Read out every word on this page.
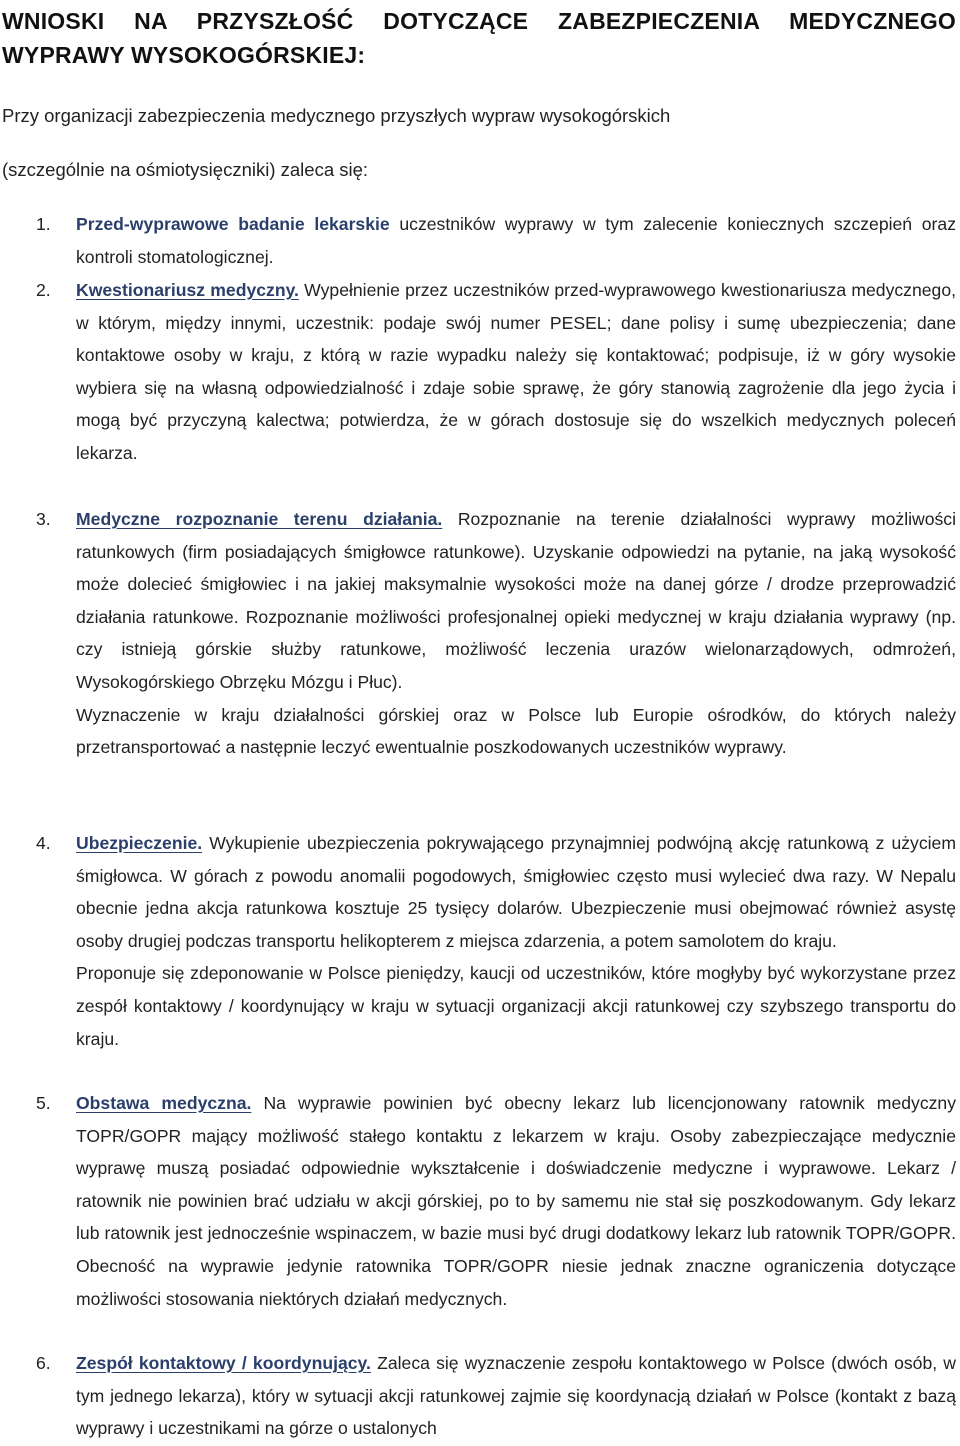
WNIOSKI NA PRZYSZŁOŚĆ DOTYCZĄCE ZABEZPIECZENIA MEDYCZNEGO WYPRAWY WYSOKOGÓRSKIEJ:
Przy organizacji zabezpieczenia medycznego przyszłych wypraw wysokogórskich
(szczególnie na ośmiotysięczniki) zaleca się:
1.	Przed-wyprawowe badanie lekarskie uczestników wyprawy w tym zalecenie koniecznych szczepień oraz kontroli stomatologicznej.

2.	Kwestionariusz medyczny. Wypełnienie przez uczestników przed-wyprawowego kwestionariusza medycznego, w którym, między innymi, uczestnik: podaje swój numer PESEL; dane polisy i sumę ubezpieczenia; dane kontaktowe osoby w kraju, z którą w razie wypadku należy się kontaktować; podpisuje, iż w góry wysokie wybiera się na własną odpowiedzialność i zdaje sobie sprawę, że góry stanowią zagrożenie dla jego życia i mogą być przyczyną kalectwa; potwierdza, że w górach dostosuje się do wszelkich medycznych poleceń lekarza.

3.	Medyczne rozpoznanie terenu działania. Rozpoznanie na terenie działalności wyprawy możliwości ratunkowych (firm posiadających śmigłowce ratunkowe). Uzyskanie odpowiedzi na pytanie, na jaką wysokość może dolecieć śmigłowiec i na jakiej maksymalnie wysokości może na danej górze / drodze przeprowadzić działania ratunkowe. Rozpoznanie możliwości profesjonalnej opieki medycznej w kraju działania wyprawy (np. czy istnieją górskie służby ratunkowe, możliwość leczenia urazów wielonarządowych, odmrożeń, Wysokogórskiego Obrzęku Mózgu i Płuc).

Wyznaczenie w kraju działalności górskiej oraz w Polsce lub Europie ośrodków, do których należy przetransportować a następnie leczyć ewentualnie poszkodowanych uczestników wyprawy.

4.	Ubezpieczenie. Wykupienie ubezpieczenia pokrywającego przynajmniej podwójną akcję ratunkową z użyciem śmigłowca. W górach z powodu anomalii pogodowych, śmigłowiec często musi wylecieć dwa razy. W Nepalu obecnie jedna akcja ratunkowa kosztuje 25 tysięcy dolarów. Ubezpieczenie musi obejmować również asystę osoby drugiej podczas transportu helikopterem z miejsca zdarzenia, a potem samolotem do kraju.

Proponuje się zdeponowanie w Polsce pieniędzy, kaucji od uczestników, które mogłyby być wykorzystane przez zespół kontaktowy / koordynujący w kraju w sytuacji organizacji akcji ratunkowej czy szybszego transportu do kraju.

5.	Obstawa medyczna. Na wyprawie powinien być obecny lekarz lub licencjonowany ratownik medyczny TOPR/GOPR mający możliwość stałego kontaktu z lekarzem w kraju. Osoby zabezpieczające medycznie wyprawę muszą posiadać odpowiednie wykształcenie i doświadczenie medyczne i wyprawowe. Lekarz / ratownik nie powinien brać udziału w akcji górskiej, po to by samemu nie stał się poszkodowanym. Gdy lekarz lub ratownik jest jednocześnie wspinaczem, w bazie musi być drugi dodatkowy lekarz lub ratownik TOPR/GOPR. Obecność na wyprawie jedynie ratownika TOPR/GOPR niesie jednak znaczne ograniczenia dotyczące możliwości stosowania niektórych działań medycznych.

6.	Zespół kontaktowy / koordynujący. Zaleca się wyznaczenie zespołu kontaktowego w Polsce (dwóch osób, w tym jednego lekarza), który w sytuacji akcji ratunkowej zajmie się koordynacją działań w Polsce (kontakt z bazą wyprawy i uczestnikami na górze o ustalonych
